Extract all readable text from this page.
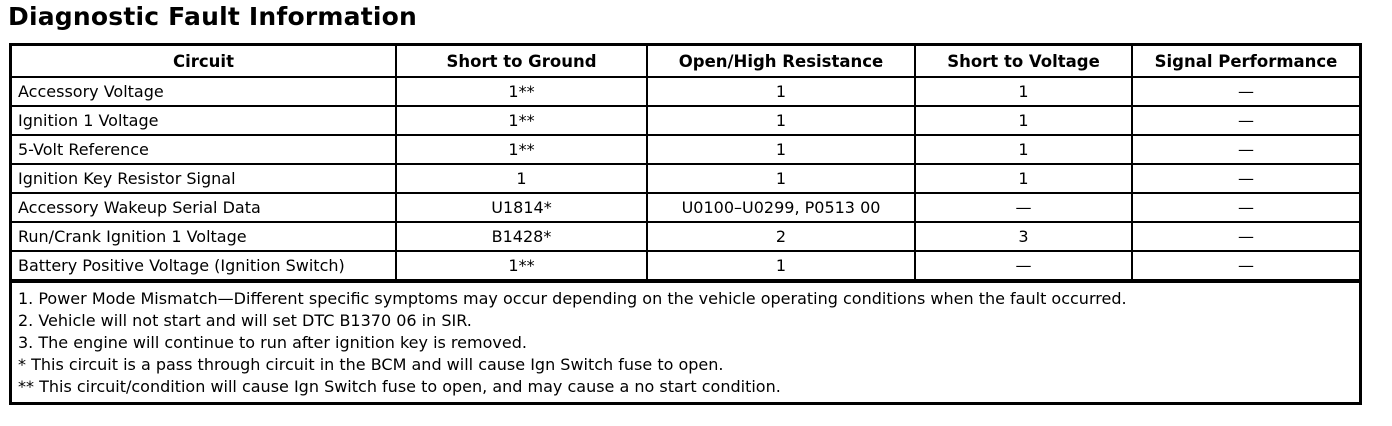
Diagnostic Fault Information
Circuit	Short to Ground	Open/High Resistance	Short to Voltage	Signal Performance
Accessory Voltage	1**	1	1	—
Ignition 1 Voltage	1**	1	1	—
5-Volt Reference	1**	1	1	—
Ignition Key Resistor Signal	1	1	1	—
Accessory Wakeup Serial Data	U1814*	U0100–U0299, P0513 00	—	—
Run/Crank Ignition 1 Voltage	B1428*	2	3	—
Battery Positive Voltage (Ignition Switch)	1**	1	—	—
1. Power Mode Mismatch—Different specific symptoms may occur depending on the vehicle operating conditions when the fault occurred.
2. Vehicle will not start and will set DTC B1370 06 in SIR.
3. The engine will continue to run after ignition key is removed.
* This circuit is a pass through circuit in the BCM and will cause Ign Switch fuse to open.
** This circuit/condition will cause Ign Switch fuse to open, and may cause a no start condition.
